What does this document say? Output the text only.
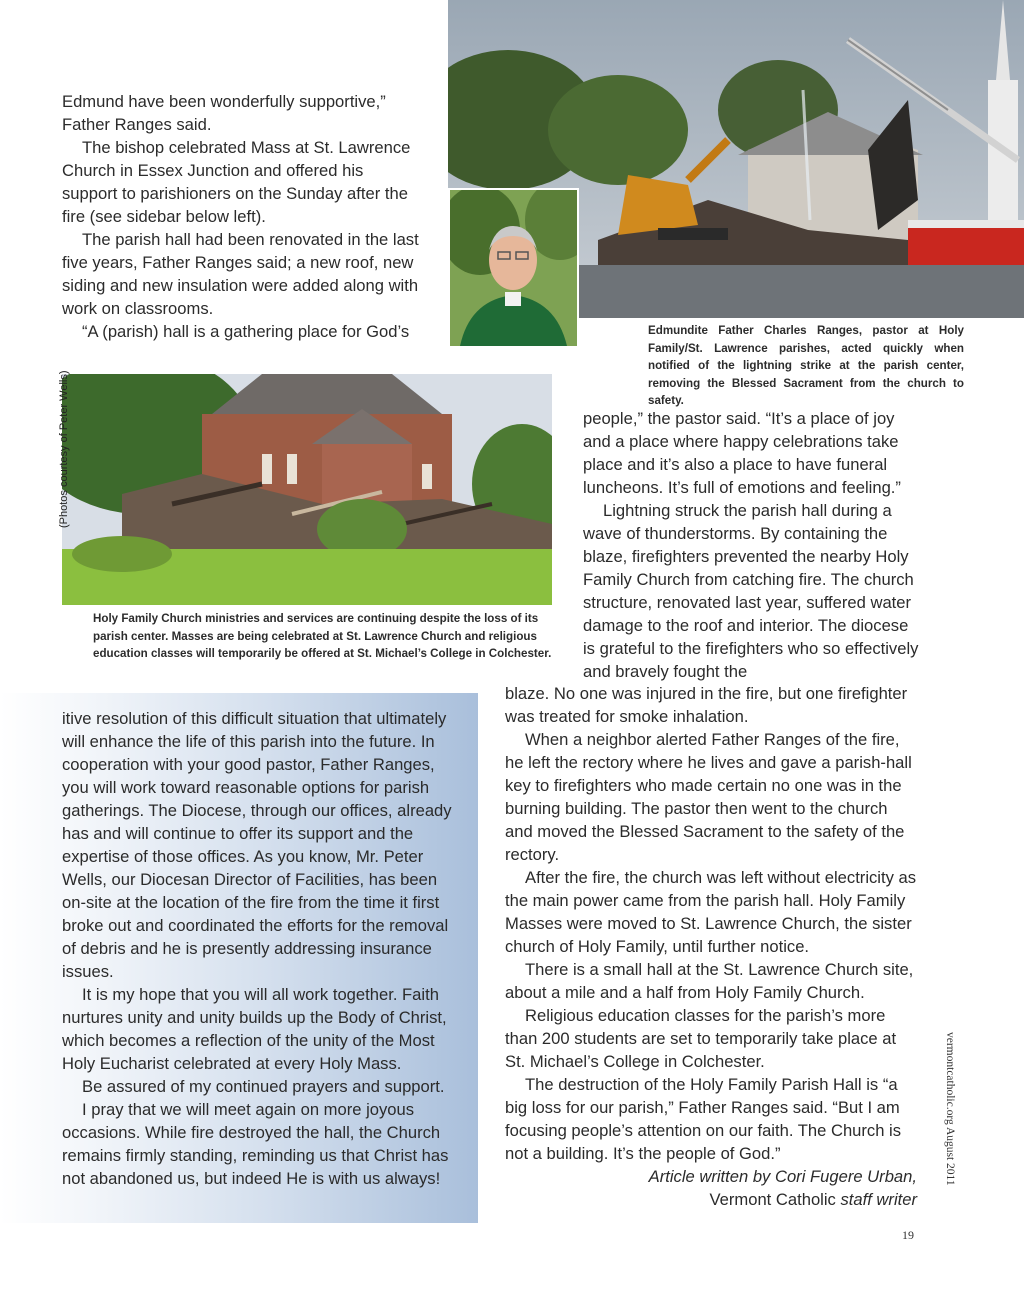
Edmund have been wonderfully supportive,” Father Ranges said.

The bishop celebrated Mass at St. Lawrence Church in Essex Junction and offered his support to parishioners on the Sunday after the fire (see sidebar below left).

The parish hall had been renovated in the last five years, Father Ranges said; a new roof, new siding and new insulation were added along with work on classrooms.

“A (parish) hall is a gathering place for God’s	Edmundite Father Charles Ranges, pastor at Holy Family/St. Lawrence parishes, acted quickly when notified of the lightning strike at the parish center, removing the Blessed Sacrament from the church to safety.
(Photos courtesy of Peter Wells)
Holy Family Church ministries and services are continuing despite the loss of its parish center. Masses are being celebrated at St. Lawrence Church and religious education classes will temporarily be offered at St. Michael’s College in Colchester.

people,” the pastor said. “It’s a place of joy and a place where happy celebrations take place and it’s also a place to have funeral luncheons. It’s full of emotions and feeling.”

Lightning struck the parish hall during a wave of thunderstorms. By containing the blaze, firefighters prevented the nearby Holy Family Church from catching fire. The church structure, renovated last year, suffered water damage to the roof and interior. The diocese is grateful to the firefighters who so effectively and bravely fought the

blaze. No one was injured in the fire, but one firefighter was treated for smoke inhalation.

When a neighbor alerted Father Ranges of the fire, he left the rectory where he lives and gave a parish-hall key to firefighters who made certain no one was in the burning building. The pastor then went to the church and moved the Blessed Sacrament to the safety of the rectory.

After the fire, the church was left without electricity as the main power came from the parish hall. Holy Family Masses were moved to St. Lawrence Church, the sister church of Holy Family, until further notice.

There is a small hall at the St. Lawrence Church site, about a mile and a half from Holy Family Church.

Religious education classes for the parish’s more than 200 students are set to temporarily take place at St. Michael’s College in Colchester.

The destruction of the Holy Family Parish Hall is “a big loss for our parish,” Father Ranges said. “But I am focusing people’s attention on our faith. The Church is not a building. It’s the people of God.”

Article written by Cori Fugere Urban,
Vermont Catholic staff writer

itive resolution of this difficult situation that ultimately will enhance the life of this parish into the future. In cooperation with your good pastor, Father Ranges, you will work toward reasonable options for parish gatherings. The Diocese, through our offices, already has and will continue to offer its support and the expertise of those offices. As you know, Mr. Peter Wells, our Diocesan Director of Facilities, has been on-site at the location of the fire from the time it first broke out and coordinated the efforts for the removal of debris and he is presently addressing insurance issues.

It is my hope that you will all work together. Faith nurtures unity and unity builds up the Body of Christ, which becomes a reflection of the unity of the Most Holy Eucharist celebrated at every Holy Mass.

Be assured of my continued prayers and support.

I pray that we will meet again on more joyous occasions. While fire destroyed the hall, the Church remains firmly standing, reminding us that Christ has not abandoned us, but indeed He is with us always!	vermontcatholic.org August 2011
19
